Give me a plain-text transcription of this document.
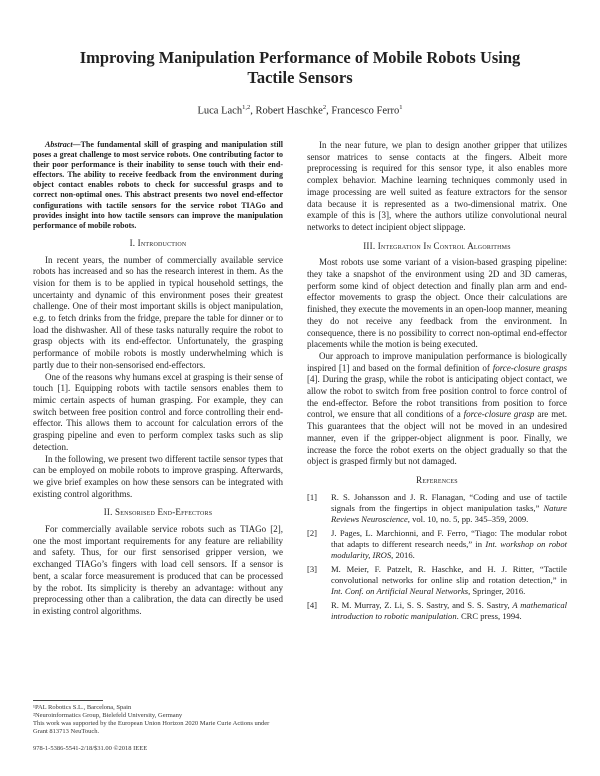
Improving Manipulation Performance of Mobile Robots Using
Tactile Sensors
Luca Lach$^{1,2}$, Robert Haschke$^2$, Francesco Ferro$^1$

Abstract—The fundamental skill of grasping and manipulation still poses a great challenge to most service robots. One contributing factor to their poor performance is their inability to sense touch with their end-effectors. The ability to receive feedback from the environment during object contact enables robots to check for successful grasps and to correct non-optimal ones. This abstract presents two novel end-effector configurations with tactile sensors for the service robot TIAGo and provides insight into how tactile sensors can improve the manipulation performance of mobile robots.

I. Introduction

In recent years, the number of commercially available service robots has increased and so has the research interest in them. As the vision for them is to be applied in typical household settings, the uncertainty and dynamic of this environment poses their greatest challenge. One of their most important skills is object manipulation, e.g. to fetch drinks from the fridge, prepare the table for dinner or to load the dishwasher. All of these tasks naturally require the robot to grasp objects with its end-effector. Unfortunately, the grasping performance of mobile robots is mostly underwhelming which is partly due to their non-sensorised end-effectors.

One of the reasons why humans excel at grasping is their sense of touch [1]. Equipping robots with tactile sensors enables them to mimic certain aspects of human grasping. For example, they can switch between free position control and force controlling their end-effector. This allows them to account for calculation errors of the grasping pipeline and even to perform complex tasks such as slip detection.

In the following, we present two different tactile sensor types that can be employed on mobile robots to improve grasping. Afterwards, we give brief examples on how these sensors can be integrated with existing control algorithms.

II. Sensorised End-Effectors

For commercially available service robots such as TIAGo [2], one the most important requirements for any feature are reliability and safety. Thus, for our first sensorised gripper version, we exchanged TIAGo’s fingers with load cell sensors. If a sensor is bent, a scalar force measurement is produced that can be processed by the robot. Its simplicity is thereby an advantage: without any preprocessing other than a calibration, the data can directly be used in existing control algorithms.

In the near future, we plan to design another gripper that utilizes sensor matrices to sense contacts at the fingers. Albeit more preprocessing is required for this sensor type, it also enables more complex behavior. Machine learning techniques commonly used in image processing are well suited as feature extractors for the sensor data because it is represented as a two-dimensional matrix. One example of this is [3], where the authors utilize convolutional neural networks to detect incipient object slippage.

III. Integration In Control Algorithms

Most robots use some variant of a vision-based grasping pipeline: they take a snapshot of the environment using 2D and 3D cameras, perform some kind of object detection and finally plan arm and end-effector movements to grasp the object. Once their calculations are finished, they execute the movements in an open-loop manner, meaning they do not receive any feedback from the environment. In consequence, there is no possibility to correct non-optimal end-effector placements while the motion is being executed.

Our approach to improve manipulation performance is biologically inspired [1] and based on the formal definition of force-closure grasps [4]. During the grasp, while the robot is anticipating object contact, we allow the robot to switch from free position control to force control of the end-effector. Before the robot transitions from position to force control, we ensure that all conditions of a force-closure grasp are met. This guarantees that the object will not be moved in an undesired manner, even if the gripper-object alignment is poor. Finally, we increase the force the robot exerts on the object gradually so that the object is grasped firmly but not damaged.

References
[1] R. S. Johansson and J. R. Flanagan, “Coding and use of tactile signals from the fingertips in object manipulation tasks,” Nature Reviews Neuroscience, vol. 10, no. 5, pp. 345–359, 2009.
[2] J. Pages, L. Marchionni, and F. Ferro, “Tiago: The modular robot that adapts to different research needs,” in Int. workshop on robot modularity, IROS, 2016.
[3] M. Meier, F. Patzelt, R. Haschke, and H. J. Ritter, “Tactile convolutional networks for online slip and rotation detection,” in Int. Conf. on Artificial Neural Networks, Springer, 2016.
[4] R. M. Murray, Z. Li, S. S. Sastry, and S. S. Sastry, A mathematical introduction to robotic manipulation. CRC press, 1994.
¹PAL Robotics S.L., Barcelona, Spain
²Neuroinformatics Group, Bielefeld University, Germany
This work was supported by the European Union Horizon 2020 Marie Curie Actions under Grant 813713 NeuTouch.
978-1-5386-5541-2/18/$31.00 ©2018 IEEE
